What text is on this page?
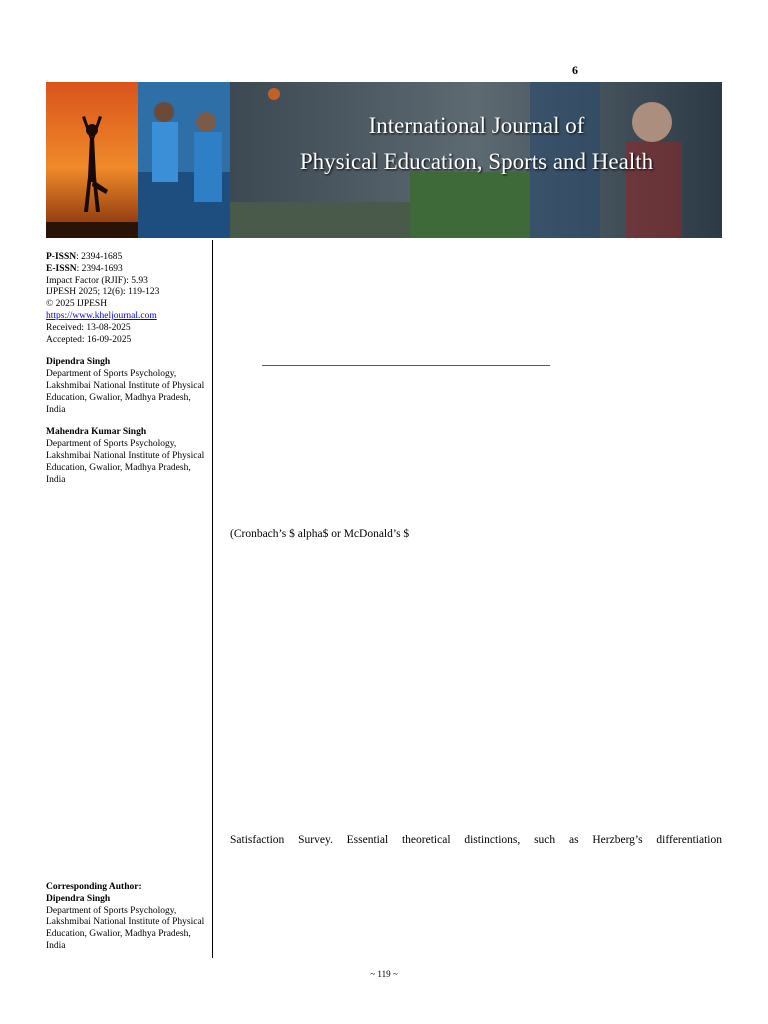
6
International Journal of
Physical Education, Sports and Health
P-ISSN: 2394-1685
E-ISSN: 2394-1693
Impact Factor (RJIF): 5.93
IJPESH 2025; 12(6): 119-123
© 2025 IJPESH
https://www.kheljournal.com
Received: 13-08-2025
Accepted: 16-09-2025
Dipendra Singh
Department of Sports Psychology, Lakshmibai National Institute of Physical Education, Gwalior, Madhya Pradesh, India
Mahendra Kumar Singh
Department of Sports Psychology, Lakshmibai National Institute of Physical Education, Gwalior, Madhya Pradesh, India
Corresponding Author:
Dipendra Singh
Department of Sports Psychology, Lakshmibai National Institute of Physical Education, Gwalior, Madhya Pradesh, India
(Cronbach’s $ alpha$ or McDonald’s $
Satisfaction Survey. Essential theoretical distinctions, such as Herzberg’s differentiation
~ 119 ~
